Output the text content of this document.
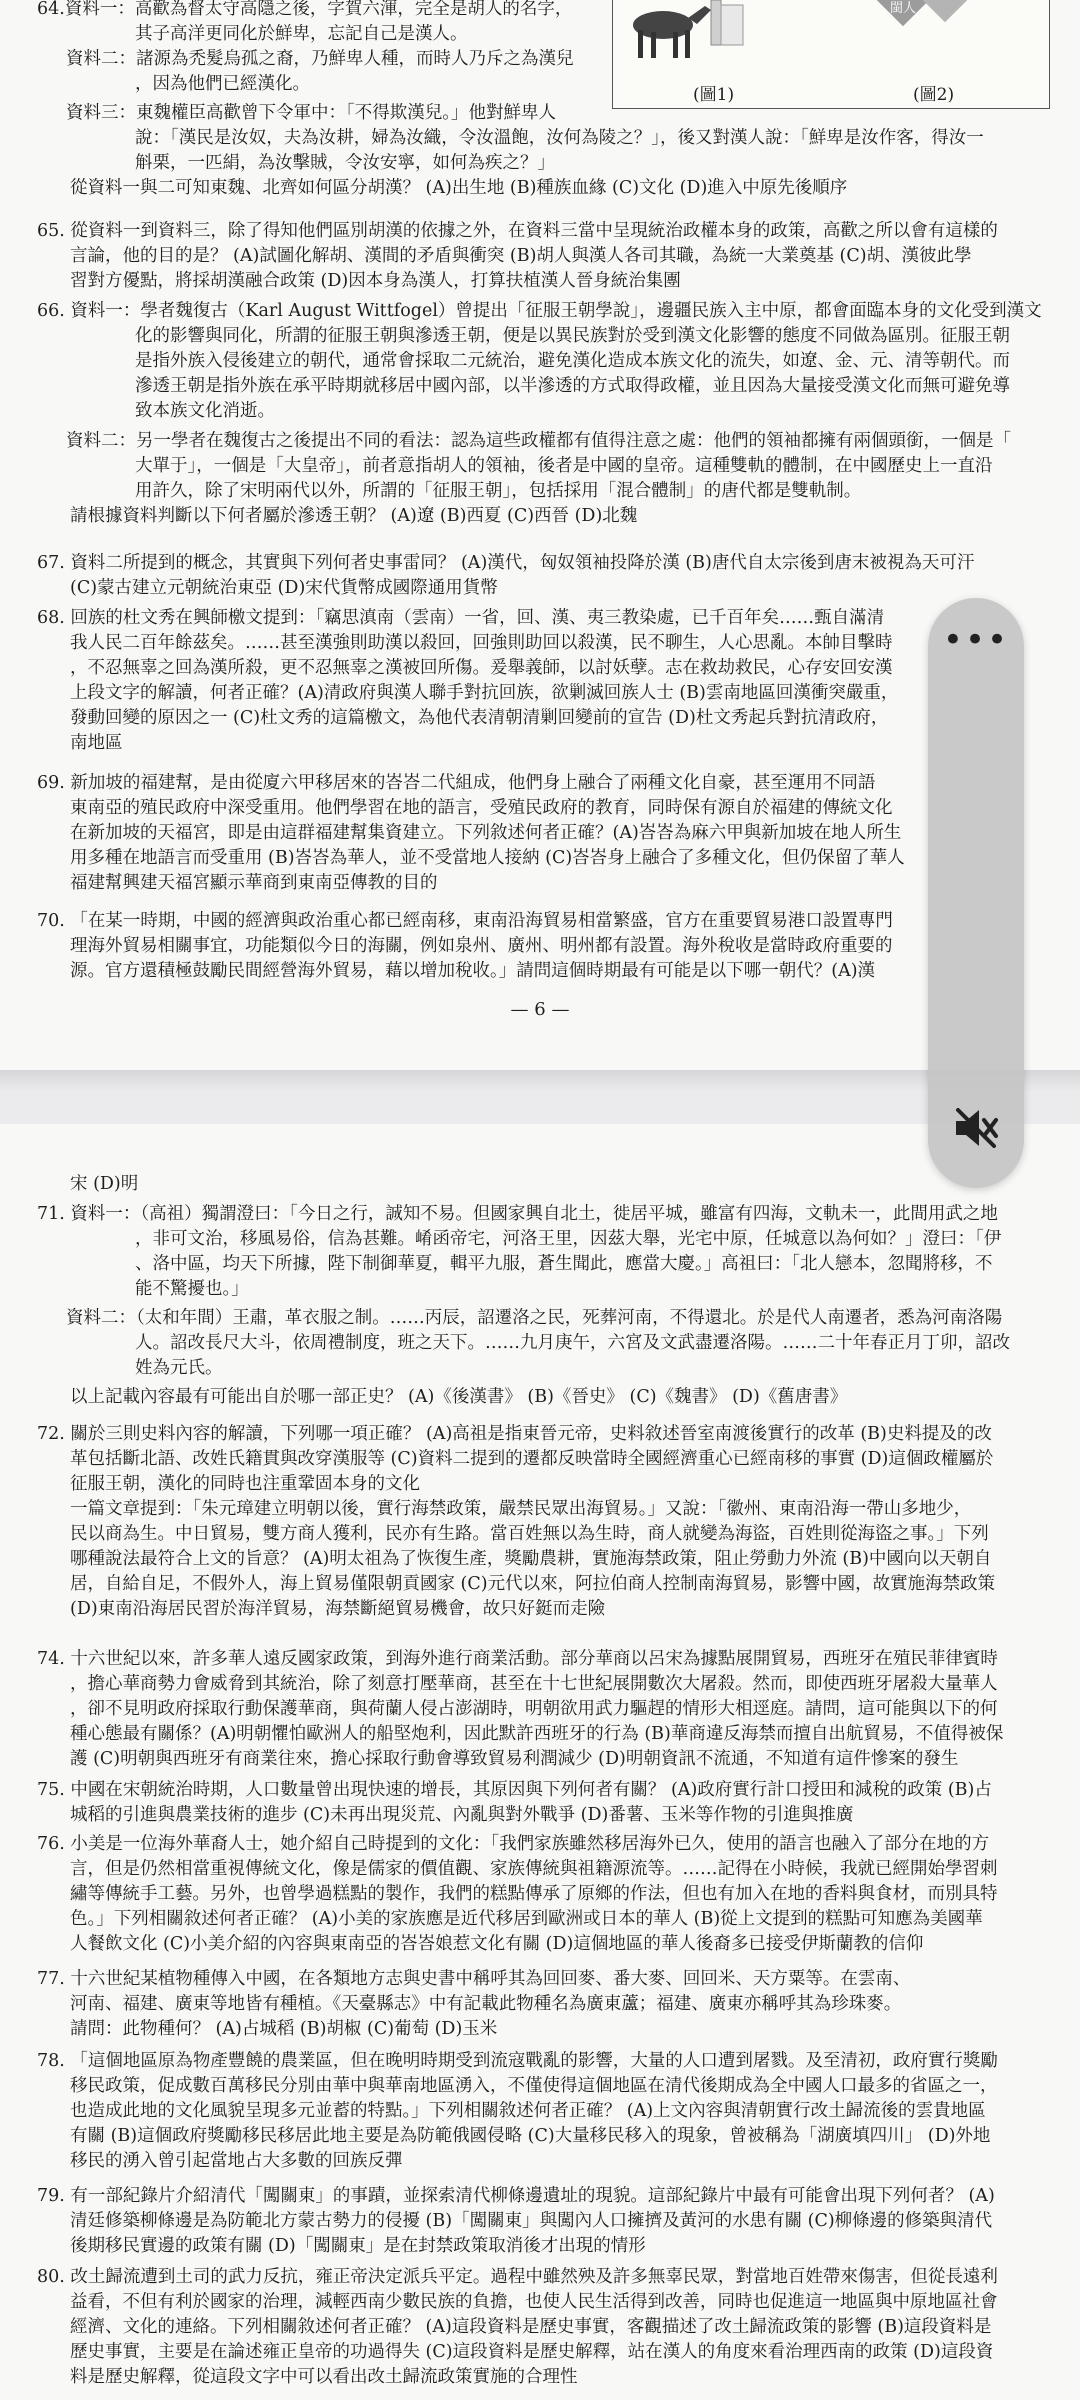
閩人
(圖1)	(圖2)

64.資料一：高歡為督太守高隱之後，字賀六渾，完全是胡人的名字，

其子高洋更同化於鮮卑，忘記自己是漢人。

資料二：諸源為禿髮烏孤之裔，乃鮮卑人種，而時人乃斥之為漢兒

，因為他們已經漢化。

資料三：東魏權臣高歡曾下令軍中：「不得欺漢兒。」他對鮮卑人

說：「漢民是汝奴，夫為汝耕，婦為汝織，令汝溫飽，汝何為陵之？」，後又對漢人說：「鮮卑是汝作客，得汝一

斛栗，一匹絹，為汝擊賊，令汝安寧，如何為疾之？」

從資料一與二可知東魏、北齊如何區分胡漢？ (A)出生地 (B)種族血緣 (C)文化 (D)進入中原先後順序

65. 從資料一到資料三，除了得知他們區別胡漢的依據之外，在資料三當中呈現統治政權本身的政策，高歡之所以會有這樣的

言論，他的目的是？ (A)試圖化解胡、漢間的矛盾與衝突 (B)胡人與漢人各司其職，為統一大業奠基 (C)胡、漢彼此學

習對方優點，將採胡漢融合政策 (D)因本身為漢人，打算扶植漢人晉身統治集團

66. 資料一：學者魏復古（Karl August Wittfogel）曾提出「征服王朝學說」，邊疆民族入主中原，都會面臨本身的文化受到漢文

化的影響與同化，所謂的征服王朝與滲透王朝，便是以異民族對於受到漢文化影響的態度不同做為區別。征服王朝

是指外族入侵後建立的朝代，通常會採取二元統治，避免漢化造成本族文化的流失，如遼、金、元、清等朝代。而

滲透王朝是指外族在承平時期就移居中國內部，以半滲透的方式取得政權，並且因為大量接受漢文化而無可避免導

致本族文化消逝。

資料二：另一學者在魏復古之後提出不同的看法：認為這些政權都有值得注意之處：他們的領袖都擁有兩個頭銜，一個是「

大單于」，一個是「大皇帝」，前者意指胡人的領袖，後者是中國的皇帝。這種雙軌的體制，在中國歷史上一直沿

用許久，除了宋明兩代以外，所謂的「征服王朝」，包括採用「混合體制」的唐代都是雙軌制。

請根據資料判斷以下何者屬於滲透王朝？ (A)遼 (B)西夏 (C)西晉 (D)北魏

67. 資料二所提到的概念，其實與下列何者史事雷同？ (A)漢代，匈奴領袖投降於漢 (B)唐代自太宗後到唐末被視為天可汗

(C)蒙古建立元朝統治東亞 (D)宋代貨幣成國際通用貨幣

68. 回族的杜文秀在興師檄文提到：「竊思滇南（雲南）一省，回、漢、夷三教染處，已千百年矣……甄自滿清

我人民二百年餘茲矣。……甚至漢強則助漢以殺回，回強則助回以殺漢，民不聊生，人心思亂。本帥目擊時

，不忍無辜之回為漢所殺，更不忍無辜之漢被回所傷。爰舉義師，以討妖孽。志在救劫救民，心存安回安漢

上段文字的解讀，何者正確？(A)清政府與漢人聯手對抗回族，欲剿滅回族人士 (B)雲南地區回漢衝突嚴重，

發動回變的原因之一 (C)杜文秀的這篇檄文，為他代表清朝清剿回變前的宣告 (D)杜文秀起兵對抗清政府，

南地區

69. 新加坡的福建幫，是由從廈六甲移居來的峇峇二代組成，他們身上融合了兩種文化自豪，甚至運用不同語

東南亞的殖民政府中深受重用。他們學習在地的語言，受殖民政府的教育，同時保有源自於福建的傳統文化

在新加坡的天福宮，即是由這群福建幫集資建立。下列敘述何者正確？(A)峇峇為麻六甲與新加坡在地人所生

用多種在地語言而受重用 (B)峇峇為華人，並不受當地人接納 (C)峇峇身上融合了多種文化，但仍保留了華人

福建幫興建天福宮顯示華商到東南亞傳教的目的

70. 「在某一時期，中國的經濟與政治重心都已經南移，東南沿海貿易相當繁盛，官方在重要貿易港口設置專門

理海外貿易相關事宜，功能類似今日的海關，例如泉州、廣州、明州都有設置。海外稅收是當時政府重要的

源。官方還積極鼓勵民間經營海外貿易，藉以增加稅收。」請問這個時期最有可能是以下哪一朝代？(A)漢

— 6 —

宋 (D)明

71. 資料一：（高祖）獨謂澄曰：「今日之行，誠知不易。但國家興自北土，徙居平城，雖富有四海，文軌未一，此間用武之地

，非可文治，移風易俗，信為甚難。崤函帝宅，河洛王里，因茲大舉，光宅中原，任城意以為何如？」澄曰：「伊

、洛中區，均天下所據，陛下制御華夏，輯平九服，蒼生聞此，應當大慶。」高祖曰：「北人戀本，忽聞將移，不

能不驚擾也。」

資料二：（太和年間）王肅，革衣服之制。……丙辰，詔遷洛之民，死葬河南，不得還北。於是代人南遷者，悉為河南洛陽

人。詔改長尺大斗，依周禮制度，班之天下。……九月庚午，六宮及文武盡遷洛陽。……二十年春正月丁卯，詔改

姓為元氏。

以上記載內容最有可能出自於哪一部正史？ (A)《後漢書》 (B)《晉史》 (C)《魏書》 (D)《舊唐書》

72. 關於三則史料內容的解讀，下列哪一項正確？ (A)高祖是指東晉元帝，史料敘述晉室南渡後實行的改革 (B)史料提及的改

革包括斷北語、改姓氏籍貫與改穿漢服等 (C)資料二提到的遷都反映當時全國經濟重心已經南移的事實 (D)這個政權屬於

征服王朝，漢化的同時也注重鞏固本身的文化

一篇文章提到：「朱元璋建立明朝以後，實行海禁政策，嚴禁民眾出海貿易。」又說：「徽州、東南沿海一帶山多地少，

民以商為生。中日貿易，雙方商人獲利，民亦有生路。當百姓無以為生時，商人就變為海盜，百姓則從海盜之事。」下列

哪種說法最符合上文的旨意？ (A)明太祖為了恢復生產，獎勵農耕，實施海禁政策，阻止勞動力外流 (B)中國向以天朝自

居，自給自足，不假外人，海上貿易僅限朝貢國家 (C)元代以來，阿拉伯商人控制南海貿易，影響中國，故實施海禁政策

(D)東南沿海居民習於海洋貿易，海禁斷絕貿易機會，故只好鋌而走險

74. 十六世紀以來，許多華人遠反國家政策，到海外進行商業活動。部分華商以呂宋為據點展開貿易，西班牙在殖民菲律賓時

，擔心華商勢力會威脅到其統治，除了刻意打壓華商，甚至在十七世紀展開數次大屠殺。然而，即使西班牙屠殺大量華人

，卻不見明政府採取行動保護華商，與荷蘭人侵占澎湖時，明朝欲用武力驅趕的情形大相逕庭。請問，這可能與以下的何

種心態最有關係？(A)明朝懼怕歐洲人的船堅炮利，因此默許西班牙的行為 (B)華商違反海禁而擅自出航貿易，不值得被保

護 (C)明朝與西班牙有商業往來，擔心採取行動會導致貿易利潤減少 (D)明朝資訊不流通，不知道有這件慘案的發生

75. 中國在宋朝統治時期，人口數量曾出現快速的增長，其原因與下列何者有關？ (A)政府實行計口授田和減稅的政策 (B)占

城稻的引進與農業技術的進步 (C)未再出現災荒、內亂與對外戰爭 (D)番薯、玉米等作物的引進與推廣

76. 小美是一位海外華裔人士，她介紹自己時提到的文化：「我們家族雖然移居海外已久，使用的語言也融入了部分在地的方

言，但是仍然相當重視傳統文化，像是儒家的價值觀、家族傳統與祖籍源流等。……記得在小時候，我就已經開始學習刺

繡等傳統手工藝。另外，也曾學過糕點的製作，我們的糕點傳承了原鄉的作法，但也有加入在地的香料與食材，而別具特

色。」下列相關敘述何者正確？ (A)小美的家族應是近代移居到歐洲或日本的華人 (B)從上文提到的糕點可知應為美國華

人餐飲文化 (C)小美介紹的內容與東南亞的峇峇娘惹文化有關 (D)這個地區的華人後裔多已接受伊斯蘭教的信仰

77. 十六世紀某植物種傳入中國，在各類地方志與史書中稱呼其為回回麥、番大麥、回回米、天方粟等。在雲南、

河南、福建、廣東等地皆有種植。《天臺縣志》中有記載此物種名為廣東蘆；福建、廣東亦稱呼其為珍珠麥。

請問：此物種何？ (A)占城稻 (B)胡椒 (C)葡萄 (D)玉米

78. 「這個地區原為物產豐饒的農業區，但在晚明時期受到流寇戰亂的影響，大量的人口遭到屠戮。及至清初，政府實行獎勵

移民政策，促成數百萬移民分別由華中與華南地區湧入，不僅使得這個地區在清代後期成為全中國人口最多的省區之一，

也造成此地的文化風貌呈現多元並蓄的特點。」下列相關敘述何者正確？ (A)上文內容與清朝實行改土歸流後的雲貴地區

有關 (B)這個政府獎勵移民移居此地主要是為防範俄國侵略 (C)大量移民移入的現象，曾被稱為「湖廣填四川」 (D)外地

移民的湧入曾引起當地占大多數的回族反彈

79. 有一部紀錄片介紹清代「闖關東」的事蹟，並探索清代柳條邊遺址的現貌。這部紀錄片中最有可能會出現下列何者？ (A)

清廷修築柳條邊是為防範北方蒙古勢力的侵擾 (B)「闖關東」與闖內人口擁擠及黃河的水患有關 (C)柳條邊的修築與清代

後期移民實邊的政策有關 (D)「闖關東」是在封禁政策取消後才出現的情形

80. 改土歸流遭到土司的武力反抗，雍正帝決定派兵平定。過程中雖然殃及許多無辜民眾，對當地百姓帶來傷害，但從長遠利

益看，不但有利於國家的治理，減輕西南少數民族的負擔，也使人民生活得到改善，同時也促進這一地區與中原地區社會

經濟、文化的連絡。下列相關敘述何者正確？ (A)這段資料是歷史事實，客觀描述了改土歸流政策的影響 (B)這段資料是

歷史事實，主要是在論述雍正皇帝的功過得失 (C)這段資料是歷史解釋，站在漢人的角度來看治理西南的政策 (D)這段資

料是歷史解釋，從這段文字中可以看出改土歸流政策實施的合理性

•••
